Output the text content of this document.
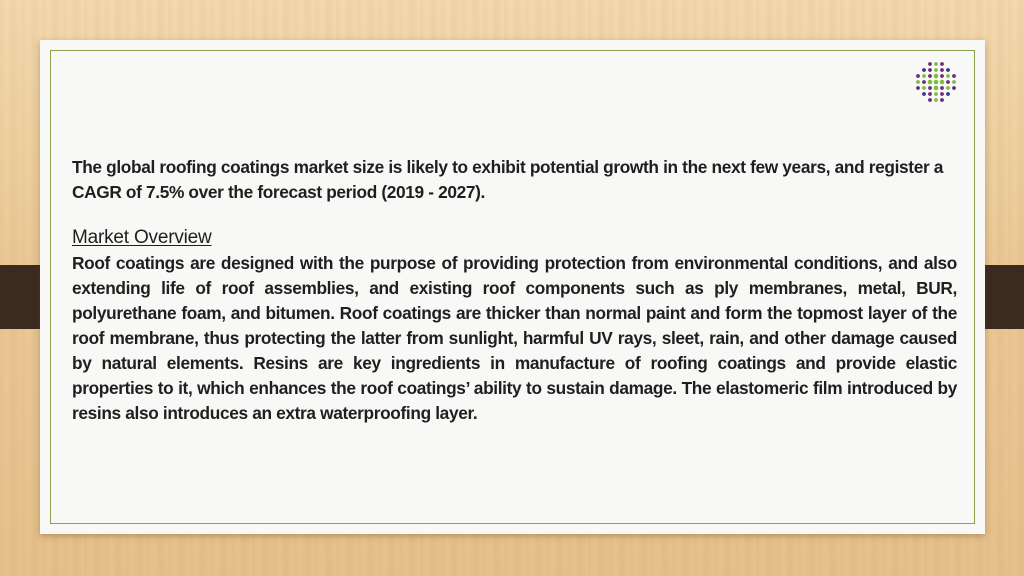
The global roofing coatings market size is likely to exhibit potential growth in the next few years, and register a CAGR of 7.5% over the forecast period (2019 - 2027).

Market Overview

Roof coatings are designed with the purpose of providing protection from environmental conditions, and also extending life of roof assemblies, and existing roof components such as ply membranes, metal, BUR, polyurethane foam, and bitumen. Roof coatings are thicker than normal paint and form the topmost layer of the roof membrane, thus protecting the latter from sunlight, harmful UV rays, sleet, rain, and other damage caused by natural elements. Resins are key ingredients in manufacture of roofing coatings and provide elastic properties to it, which enhances the roof coatings’ ability to sustain damage. The elastomeric film introduced by resins also introduces an extra waterproofing layer.
